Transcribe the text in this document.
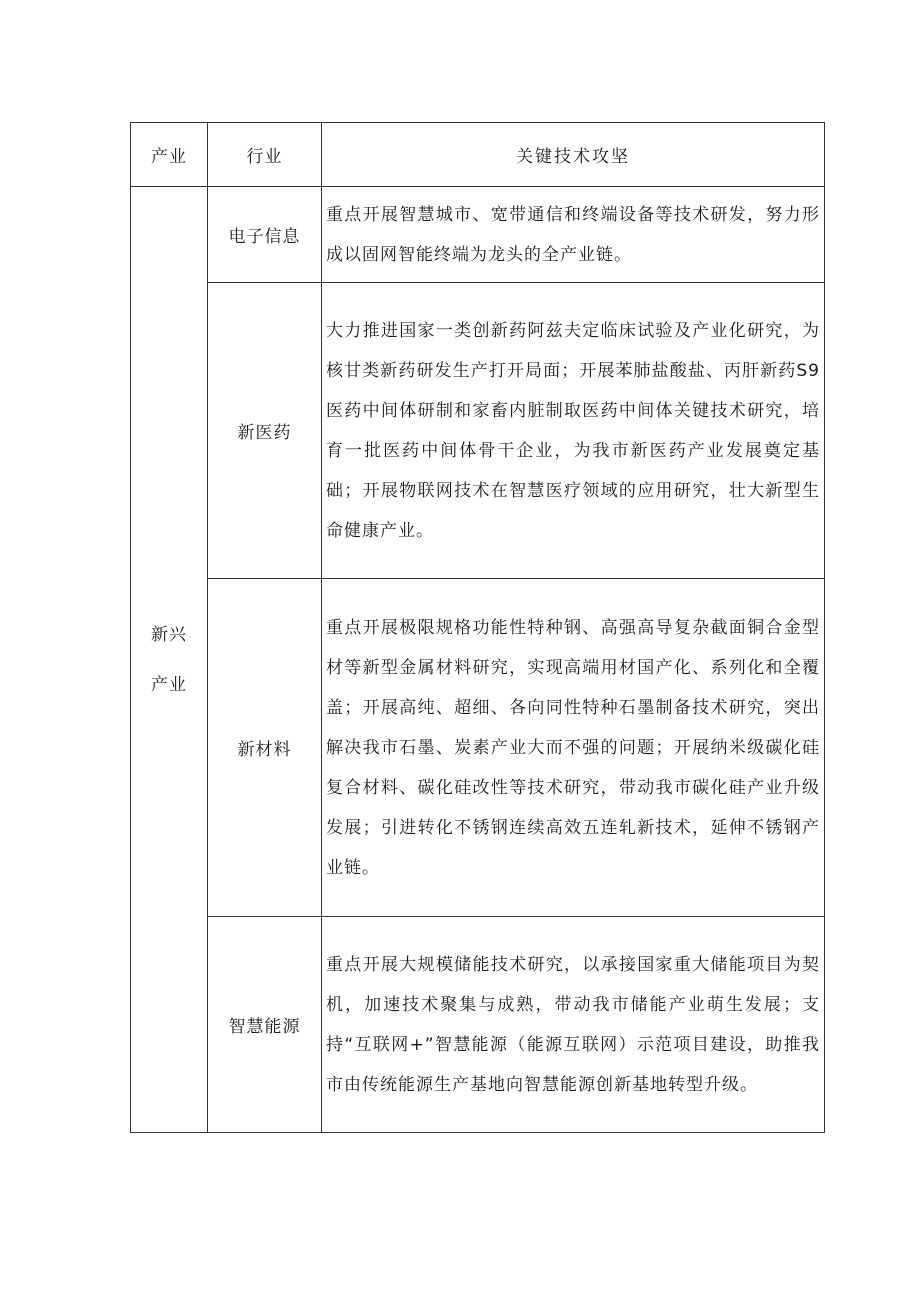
产业	行业	关键技术攻坚

新兴
产业	电子信息	重点开展智慧城市、宽带通信和终端设备等技术研发，努力形成以固网智能终端为龙头的全产业链。
	新医药	大力推进国家一类创新药阿兹夫定临床试验及产业化研究，为核甘类新药研发生产打开局面；开展苯肺盐酸盐、丙肝新药S9医药中间体研制和家畜内脏制取医药中间体关键技术研究，培育一批医药中间体骨干企业，为我市新医药产业发展奠定基础；开展物联网技术在智慧医疗领域的应用研究，壮大新型生命健康产业。
	新材料	重点开展极限规格功能性特种钢、高强高导复杂截面铜合金型材等新型金属材料研究，实现高端用材国产化、系列化和全覆盖；开展高纯、超细、各向同性特种石墨制备技术研究，突出解决我市石墨、炭素产业大而不强的问题；开展纳米级碳化硅复合材料、碳化硅改性等技术研究，带动我市碳化硅产业升级发展；引进转化不锈钢连续高效五连轧新技术，延伸不锈钢产业链。
	智慧能源	重点开展大规模储能技术研究，以承接国家重大储能项目为契机，加速技术聚集与成熟，带动我市储能产业萌生发展；支持“互联网+”智慧能源（能源互联网）示范项目建设，助推我市由传统能源生产基地向智慧能源创新基地转型升级。
